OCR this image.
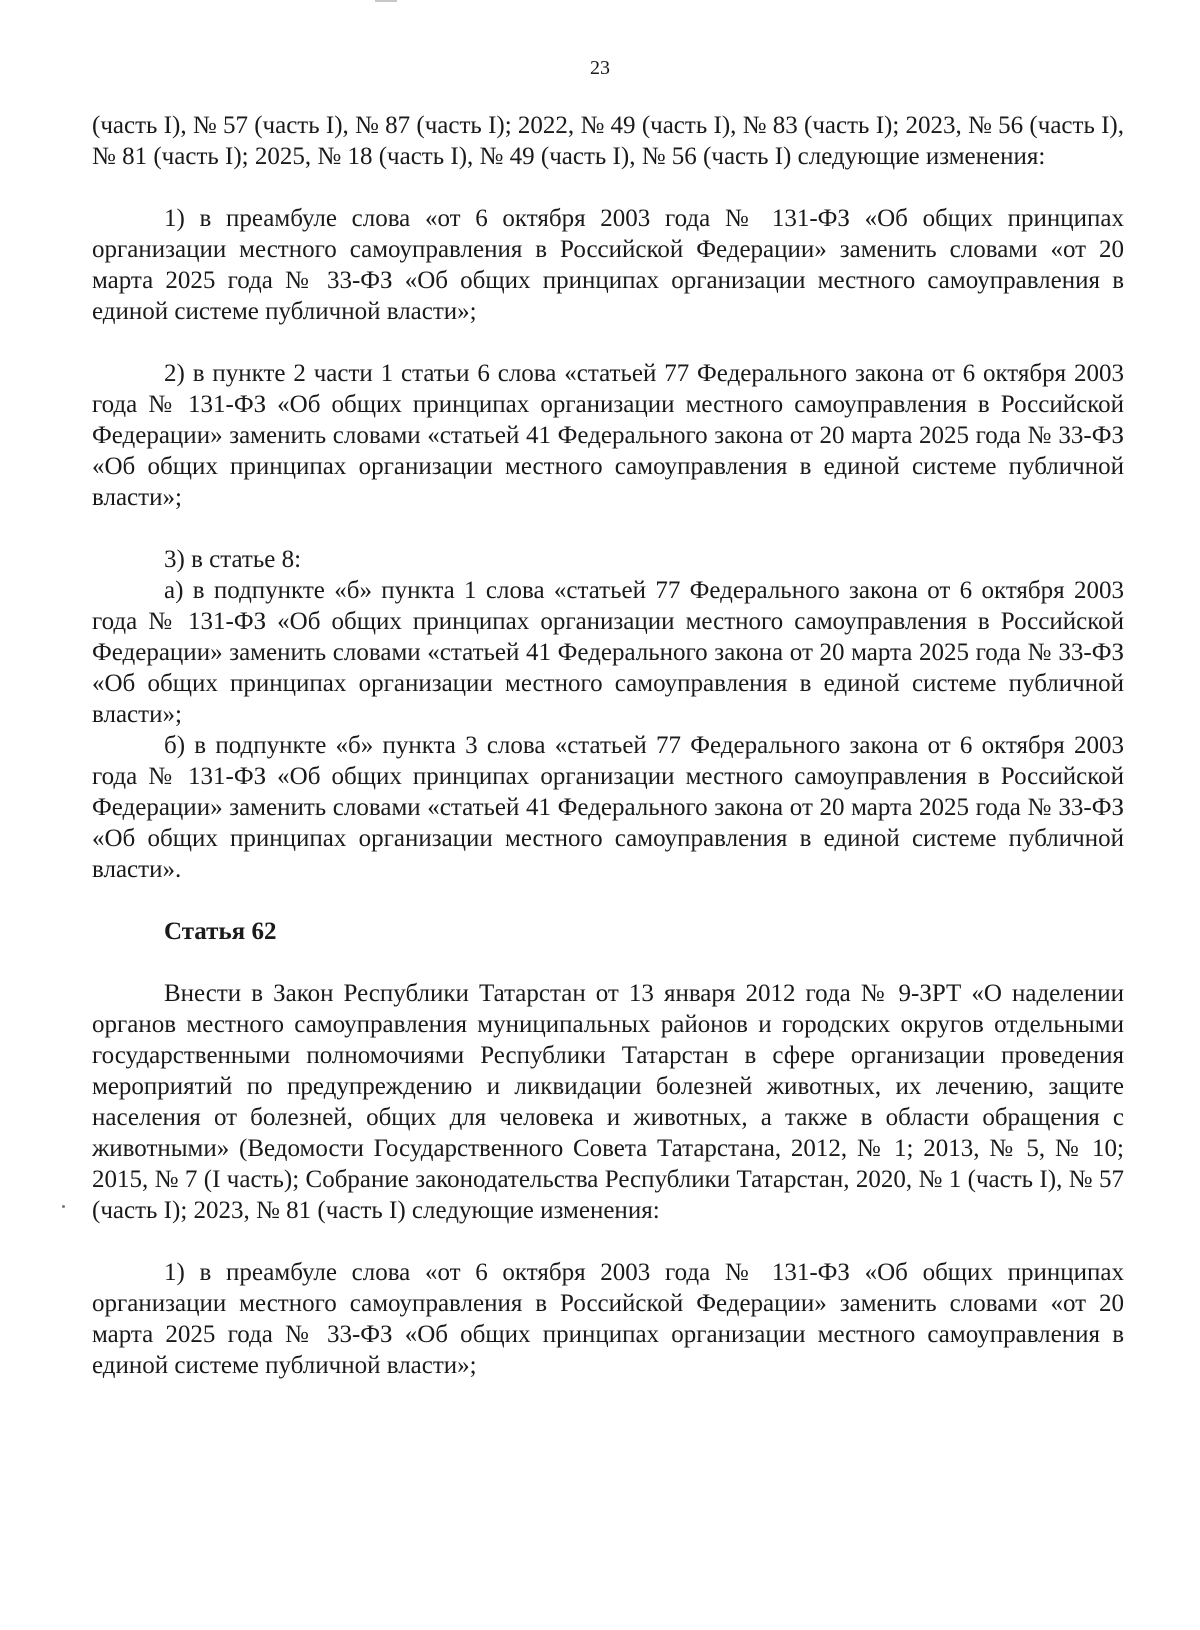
23

(часть I), № 57 (часть I), № 87 (часть I); 2022, № 49 (часть I), № 83 (часть I); 2023, № 56 (часть I), № 81 (часть I); 2025, № 18 (часть I), № 49 (часть I), № 56 (часть I) следующие изменения:

1) в преамбуле слова «от 6 октября 2003 года № 131-ФЗ «Об общих принципах организации местного самоуправления в Российской Федерации» заменить словами «от 20 марта 2025 года № 33-ФЗ «Об общих принципах организации местного самоуправления в единой системе публичной власти»;

2) в пункте 2 части 1 статьи 6 слова «статьей 77 Федерального закона от 6 октября 2003 года № 131-ФЗ «Об общих принципах организации местного самоуправления в Российской Федерации» заменить словами «статьей 41 Федерального закона от 20 марта 2025 года № 33-ФЗ «Об общих принципах организации местного самоуправления в единой системе публичной власти»;

3) в статье 8:

а) в подпункте «б» пункта 1 слова «статьей 77 Федерального закона от 6 октября 2003 года № 131-ФЗ «Об общих принципах организации местного самоуправления в Российской Федерации» заменить словами «статьей 41 Федерального закона от 20 марта 2025 года № 33-ФЗ «Об общих принципах организации местного самоуправления в единой системе публичной власти»;

б) в подпункте «б» пункта 3 слова «статьей 77 Федерального закона от 6 октября 2003 года № 131-ФЗ «Об общих принципах организации местного самоуправления в Российской Федерации» заменить словами «статьей 41 Федерального закона от 20 марта 2025 года № 33-ФЗ «Об общих принципах организации местного самоуправления в единой системе публичной власти».

Статья 62

Внести в Закон Республики Татарстан от 13 января 2012 года № 9-ЗРТ «О наделении органов местного самоуправления муниципальных районов и городских округов отдельными государственными полномочиями Республики Татарстан в сфере организации проведения мероприятий по предупреждению и ликвидации болезней животных, их лечению, защите населения от болезней, общих для человека и животных, а также в области обращения с животными» (Ведомости Государственного Совета Татарстана, 2012, № 1; 2013, № 5, № 10; 2015, № 7 (I часть); Собрание законодательства Республики Татарстан, 2020, № 1 (часть I), № 57 (часть I); 2023, № 81 (часть I) следующие изменения:

1) в преамбуле слова «от 6 октября 2003 года № 131-ФЗ «Об общих принципах организации местного самоуправления в Российской Федерации» заменить словами «от 20 марта 2025 года № 33-ФЗ «Об общих принципах организации местного самоуправления в единой системе публичной власти»;
